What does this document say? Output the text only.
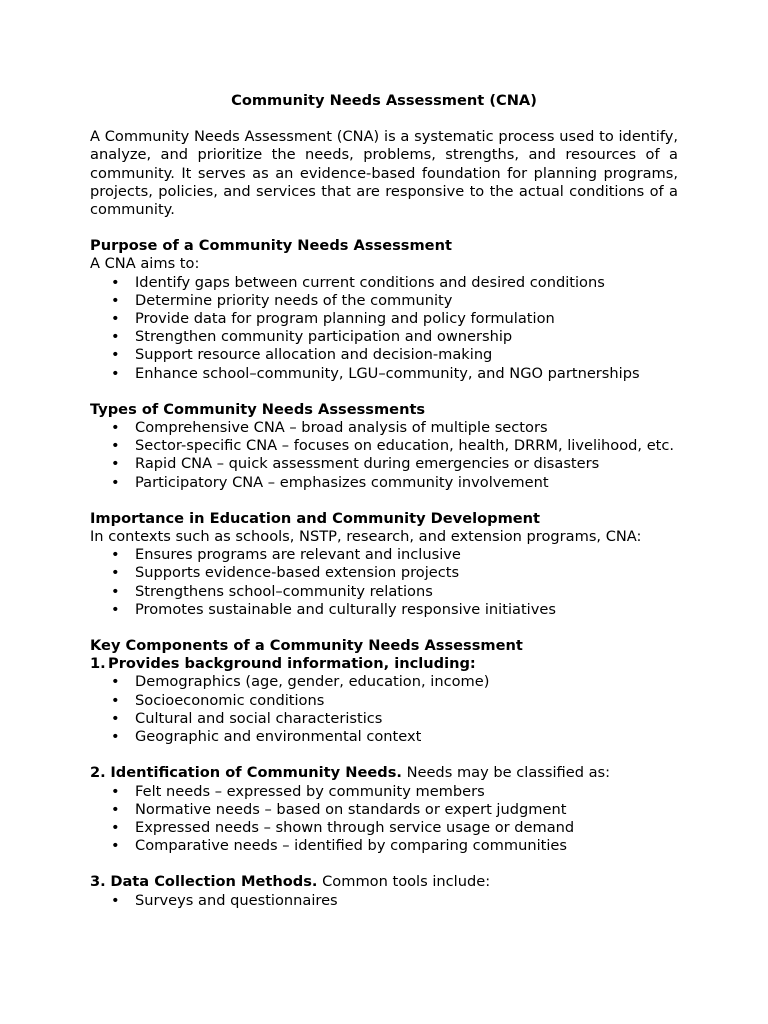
Community Needs Assessment (CNA)
A Community Needs Assessment (CNA) is a systematic process used to identify, analyze, and prioritize the needs, problems, strengths, and resources of a community. It serves as an evidence-based foundation for planning programs, projects, policies, and services that are responsive to the actual conditions of a community.
Purpose of a Community Needs Assessment
A CNA aims to:
• Identify gaps between current conditions and desired conditions
• Determine priority needs of the community
• Provide data for program planning and policy formulation
• Strengthen community participation and ownership
• Support resource allocation and decision-making
• Enhance school–community, LGU–community, and NGO partnerships
Types of Community Needs Assessments
• Comprehensive CNA – broad analysis of multiple sectors
• Sector-specific CNA – focuses on education, health, DRRM, livelihood, etc.
• Rapid CNA – quick assessment during emergencies or disasters
• Participatory CNA – emphasizes community involvement
Importance in Education and Community Development
In contexts such as schools, NSTP, research, and extension programs, CNA:
• Ensures programs are relevant and inclusive
• Supports evidence-based extension projects
• Strengthens school–community relations
• Promotes sustainable and culturally responsive initiatives
Key Components of a Community Needs Assessment
1. Provides background information, including:
• Demographics (age, gender, education, income)
• Socioeconomic conditions
• Cultural and social characteristics
• Geographic and environmental context
2. Identification of Community Needs. Needs may be classified as:
• Felt needs – expressed by community members
• Normative needs – based on standards or expert judgment
• Expressed needs – shown through service usage or demand
• Comparative needs – identified by comparing communities
3. Data Collection Methods. Common tools include:
• Surveys and questionnaires
